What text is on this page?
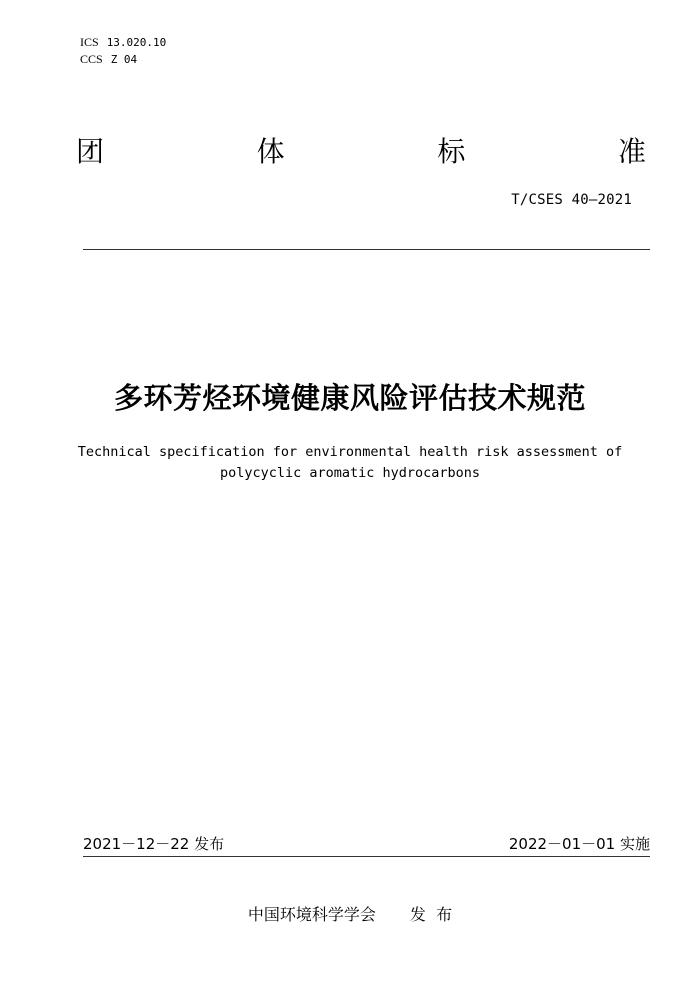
ICS 13.020.10
CCS Z 04
团	体	标	准
T/CSES 40—2021
多环芳烃环境健康风险评估技术规范
Technical specification for environmental health risk assessment of
polycyclic aromatic hydrocarbons
2021－12－22 发布	2022－01－01 实施
中国环境科学学会 发  布
